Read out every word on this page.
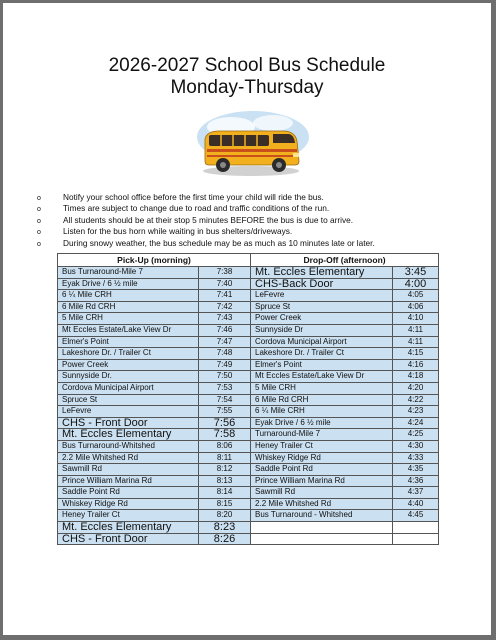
2026-2027 School Bus Schedule
Monday-Thursday
o	Notify your school office before the first time your child will ride the bus.
o	Times are subject to change due to road and traffic conditions of the run.
o	All students should be at their stop 5 minutes BEFORE the bus is due to arrive.
o	Listen for the bus horn while waiting in bus shelters/driveways.
o	During snowy weather, the bus schedule may be as much as 10 minutes late or later.
Pick-Up (morning)		Drop-Off (afternoon)	
Bus Turnaround-Mile 7	7:38	Mt. Eccles Elementary	3:45
Eyak Drive / 6 ½ mile	7:40	CHS-Back Door	4:00
6 ¼ Mile CRH	7:41	LeFevre	4:05
6 Mile Rd CRH	7:42	Spruce St	4:06
5 Mile CRH	7:43	Power Creek	4:10
Mt Eccles Estate/Lake View Dr	7:46	Sunnyside Dr	4:11
Elmer's Point	7:47	Cordova Municipal Airport	4:11
Lakeshore Dr. / Trailer Ct	7:48	Lakeshore Dr. / Trailer Ct	4:15
Power Creek	7:49	Elmer's Point	4:16
Sunnyside Dr.	7:50	Mt Eccles Estate/Lake View Dr	4:18
Cordova Municipal Airport	7:53	5 Mile CRH	4:20
Spruce St	7:54	6 Mile Rd CRH	4:22
LeFevre	7:55	6 ¼ Mile CRH	4:23
CHS - Front Door	7:56	Eyak Drive / 6 ½ mile	4:24
Mt. Eccles Elementary	7:58	Turnaround-Mile 7	4:25
Bus Turnaround-Whitshed	8:06	Heney Trailer Ct	4:30
2.2 Mile Whitshed Rd	8:11	Whiskey Ridge Rd	4:33
Sawmill Rd	8:12	Saddle Point Rd	4:35
Prince William Marina Rd	8:13	Prince William Marina Rd	4:36
Saddle Point Rd	8:14	Sawmill Rd	4:37
Whiskey Ridge Rd	8:15	2.2 Mile Whitshed Rd	4:40
Heney Trailer Ct	8:20	Bus Turnaround - Whitshed	4:45
Mt. Eccles Elementary	8:23		
CHS - Front Door	8:26		
